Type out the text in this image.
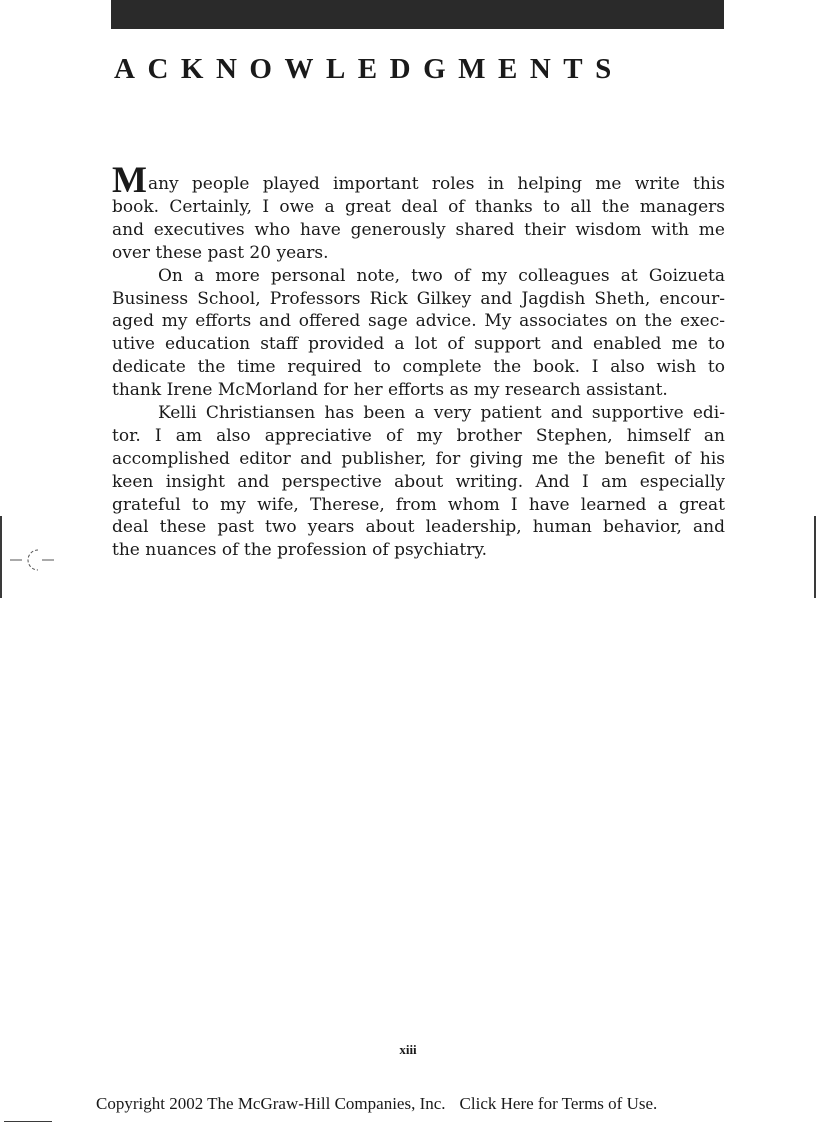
ACKNOWLEDGMENTS
M any people played important roles in helping me write this
book. Certainly, I owe a great deal of thanks to all the managers
and executives who have generously shared their wisdom with me
over these past 20 years.
On a more personal note, two of my colleagues at Goizueta
Business School, Professors Rick Gilkey and Jagdish Sheth, encour-
aged my efforts and offered sage advice. My associates on the exec-
utive education staff provided a lot of support and enabled me to
dedicate the time required to complete the book. I also wish to
thank Irene McMorland for her efforts as my research assistant.
Kelli Christiansen has been a very patient and supportive edi-
tor. I am also appreciative of my brother Stephen, himself an
accomplished editor and publisher, for giving me the benefit of his
keen insight and perspective about writing. And I am especially
grateful to my wife, Therese, from whom I have learned a great
deal these past two years about leadership, human behavior, and
the nuances of the profession of psychiatry.
xiii
Copyright 2002 The McGraw-Hill Companies, Inc. Click Here for Terms of Use.
